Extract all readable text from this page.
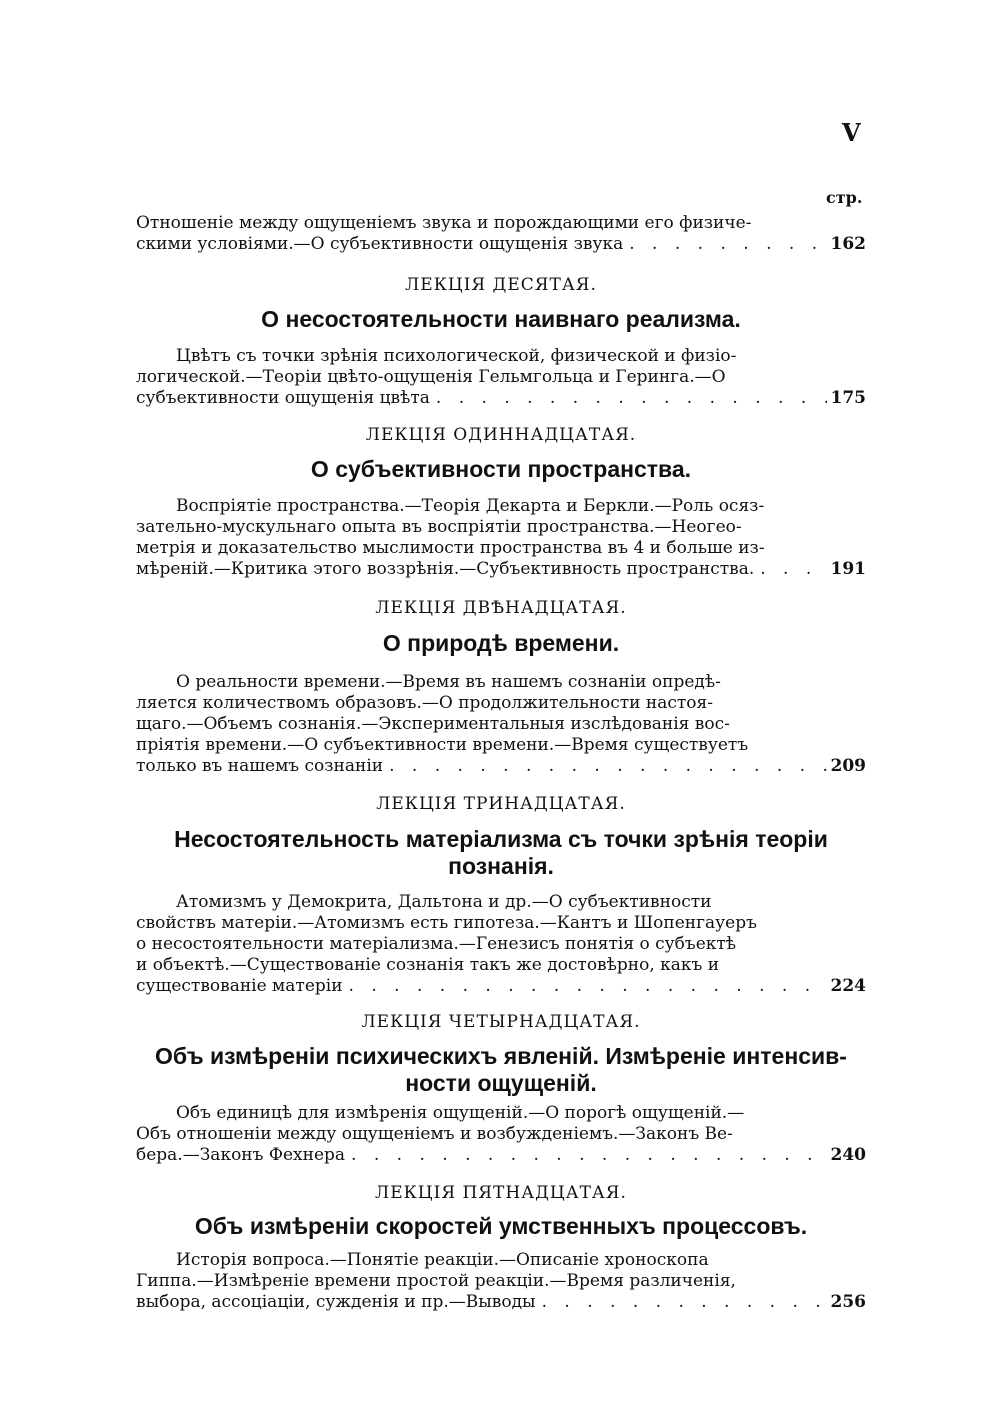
V
стр.
Отношеніе между ощущеніемъ звука и порождающими его физиче-
скими условіями.—О субъективности ощущенія звука . . .	162
ЛЕКЦІЯ ДЕСЯТАЯ.
О несостоятельности наивнаго реализма.
Цвѣтъ съ точки зрѣнія психологической, физической и физіо-
логической.—Теоріи цвѣто-ощущенія Гельмгольца и Геринга.—О
субъективности ощущенія цвѣта . . .	175
ЛЕКЦІЯ ОДИННАДЦАТАЯ.
О субъективности пространства.
Воспріятіе пространства.—Теорія Декарта и Беркли.—Роль осяз-
зательно-мускульнаго опыта въ воспріятіи пространства.—Неогео-
метрія и доказательство мыслимости пространства въ 4 и больше из-
мѣреній.—Критика этого воззрѣнія.—Субъективность пространства. . . .	191
ЛЕКЦІЯ ДВѢНАДЦАТАЯ.
О природѣ времени.
О реальности времени.—Время въ нашемъ сознаніи опредѣ-
ляется количествомъ образовъ.—О продолжительности настоя-
щаго.—Объемъ сознанія.—Экспериментальныя изслѣдованія вос-
пріятія времени.—О субъективности времени.—Время существуетъ
только въ нашемъ сознаніи . . .	209
ЛЕКЦІЯ ТРИНАДЦАТАЯ.
Несостоятельность матеріализма съ точки зрѣнія теоріи
познанія.
Атомизмъ у Демокрита, Дальтона и др.—О субъективности
свойствъ матеріи.—Атомизмъ есть гипотеза.—Кантъ и Шопенгауеръ
о несостоятельности матеріализма.—Генезисъ понятія о субъектѣ
и объектѣ.—Существованіе сознанія такъ же достовѣрно, какъ и
существованіе матеріи . . .	224
ЛЕКЦІЯ ЧЕТЫРНАДЦАТАЯ.
Объ измѣреніи психическихъ явленій. Измѣреніе интенсив-
ности ощущеній.
Объ единицѣ для измѣренія ощущеній.—О порогѣ ощущеній.—
Объ отношеніи между ощущеніемъ и возбужденіемъ.—Законъ Ве-
бера.—Законъ Фехнера . . .	240
ЛЕКЦІЯ ПЯТНАДЦАТАЯ.
Объ измѣреніи скоростей умственныхъ процессовъ.
Исторія вопроса.—Понятіе реакціи.—Описаніе хроноскопа
Гиппа.—Измѣреніе времени простой реакціи.—Время различенія,
выбора, ассоціаціи, сужденія и пр.—Выводы . . .	256
